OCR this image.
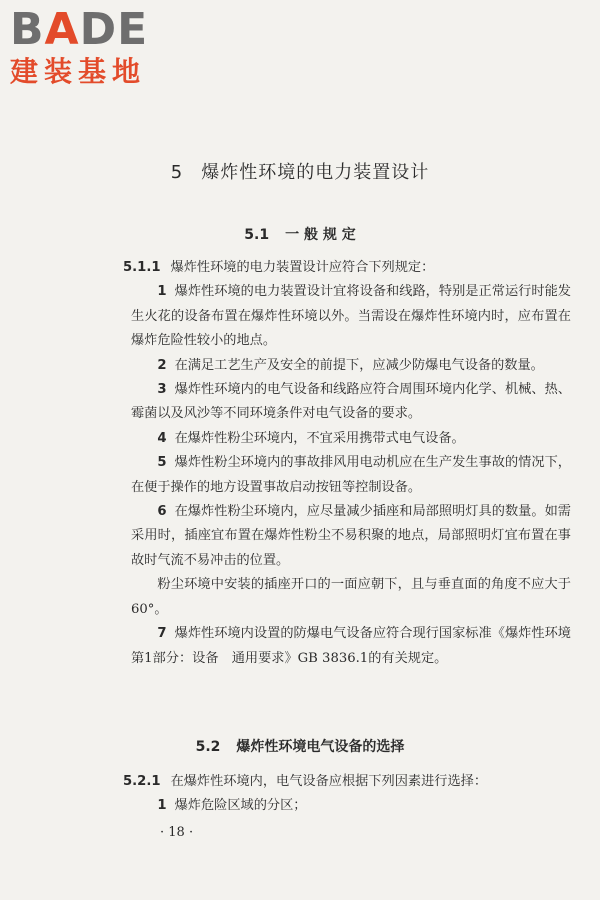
BADE
建装基地
5 爆炸性环境的电力装置设计
5.1 一 般 规 定

5.1.1 爆炸性环境的电力装置设计应符合下列规定：

1 爆炸性环境的电力装置设计宜将设备和线路，特别是正常运行时能发生火花的设备布置在爆炸性环境以外。当需设在爆炸性环境内时，应布置在爆炸危险性较小的地点。

2 在满足工艺生产及安全的前提下，应减少防爆电气设备的数量。

3 爆炸性环境内的电气设备和线路应符合周围环境内化学、机械、热、霉菌以及风沙等不同环境条件对电气设备的要求。

4 在爆炸性粉尘环境内，不宜采用携带式电气设备。

5 爆炸性粉尘环境内的事故排风用电动机应在生产发生事故的情况下，在便于操作的地方设置事故启动按钮等控制设备。

6 在爆炸性粉尘环境内，应尽量减少插座和局部照明灯具的数量。如需采用时，插座宜布置在爆炸性粉尘不易积聚的地点，局部照明灯宜布置在事故时气流不易冲击的位置。

粉尘环境中安装的插座开口的一面应朝下，且与垂直面的角度不应大于60°。

7 爆炸性环境内设置的防爆电气设备应符合现行国家标准《爆炸性环境　第1部分：设备　通用要求》GB 3836.1的有关规定。

5.2 爆炸性环境电气设备的选择

5.2.1 在爆炸性环境内，电气设备应根据下列因素进行选择：

1 爆炸危险区域的分区；

· 18 ·
